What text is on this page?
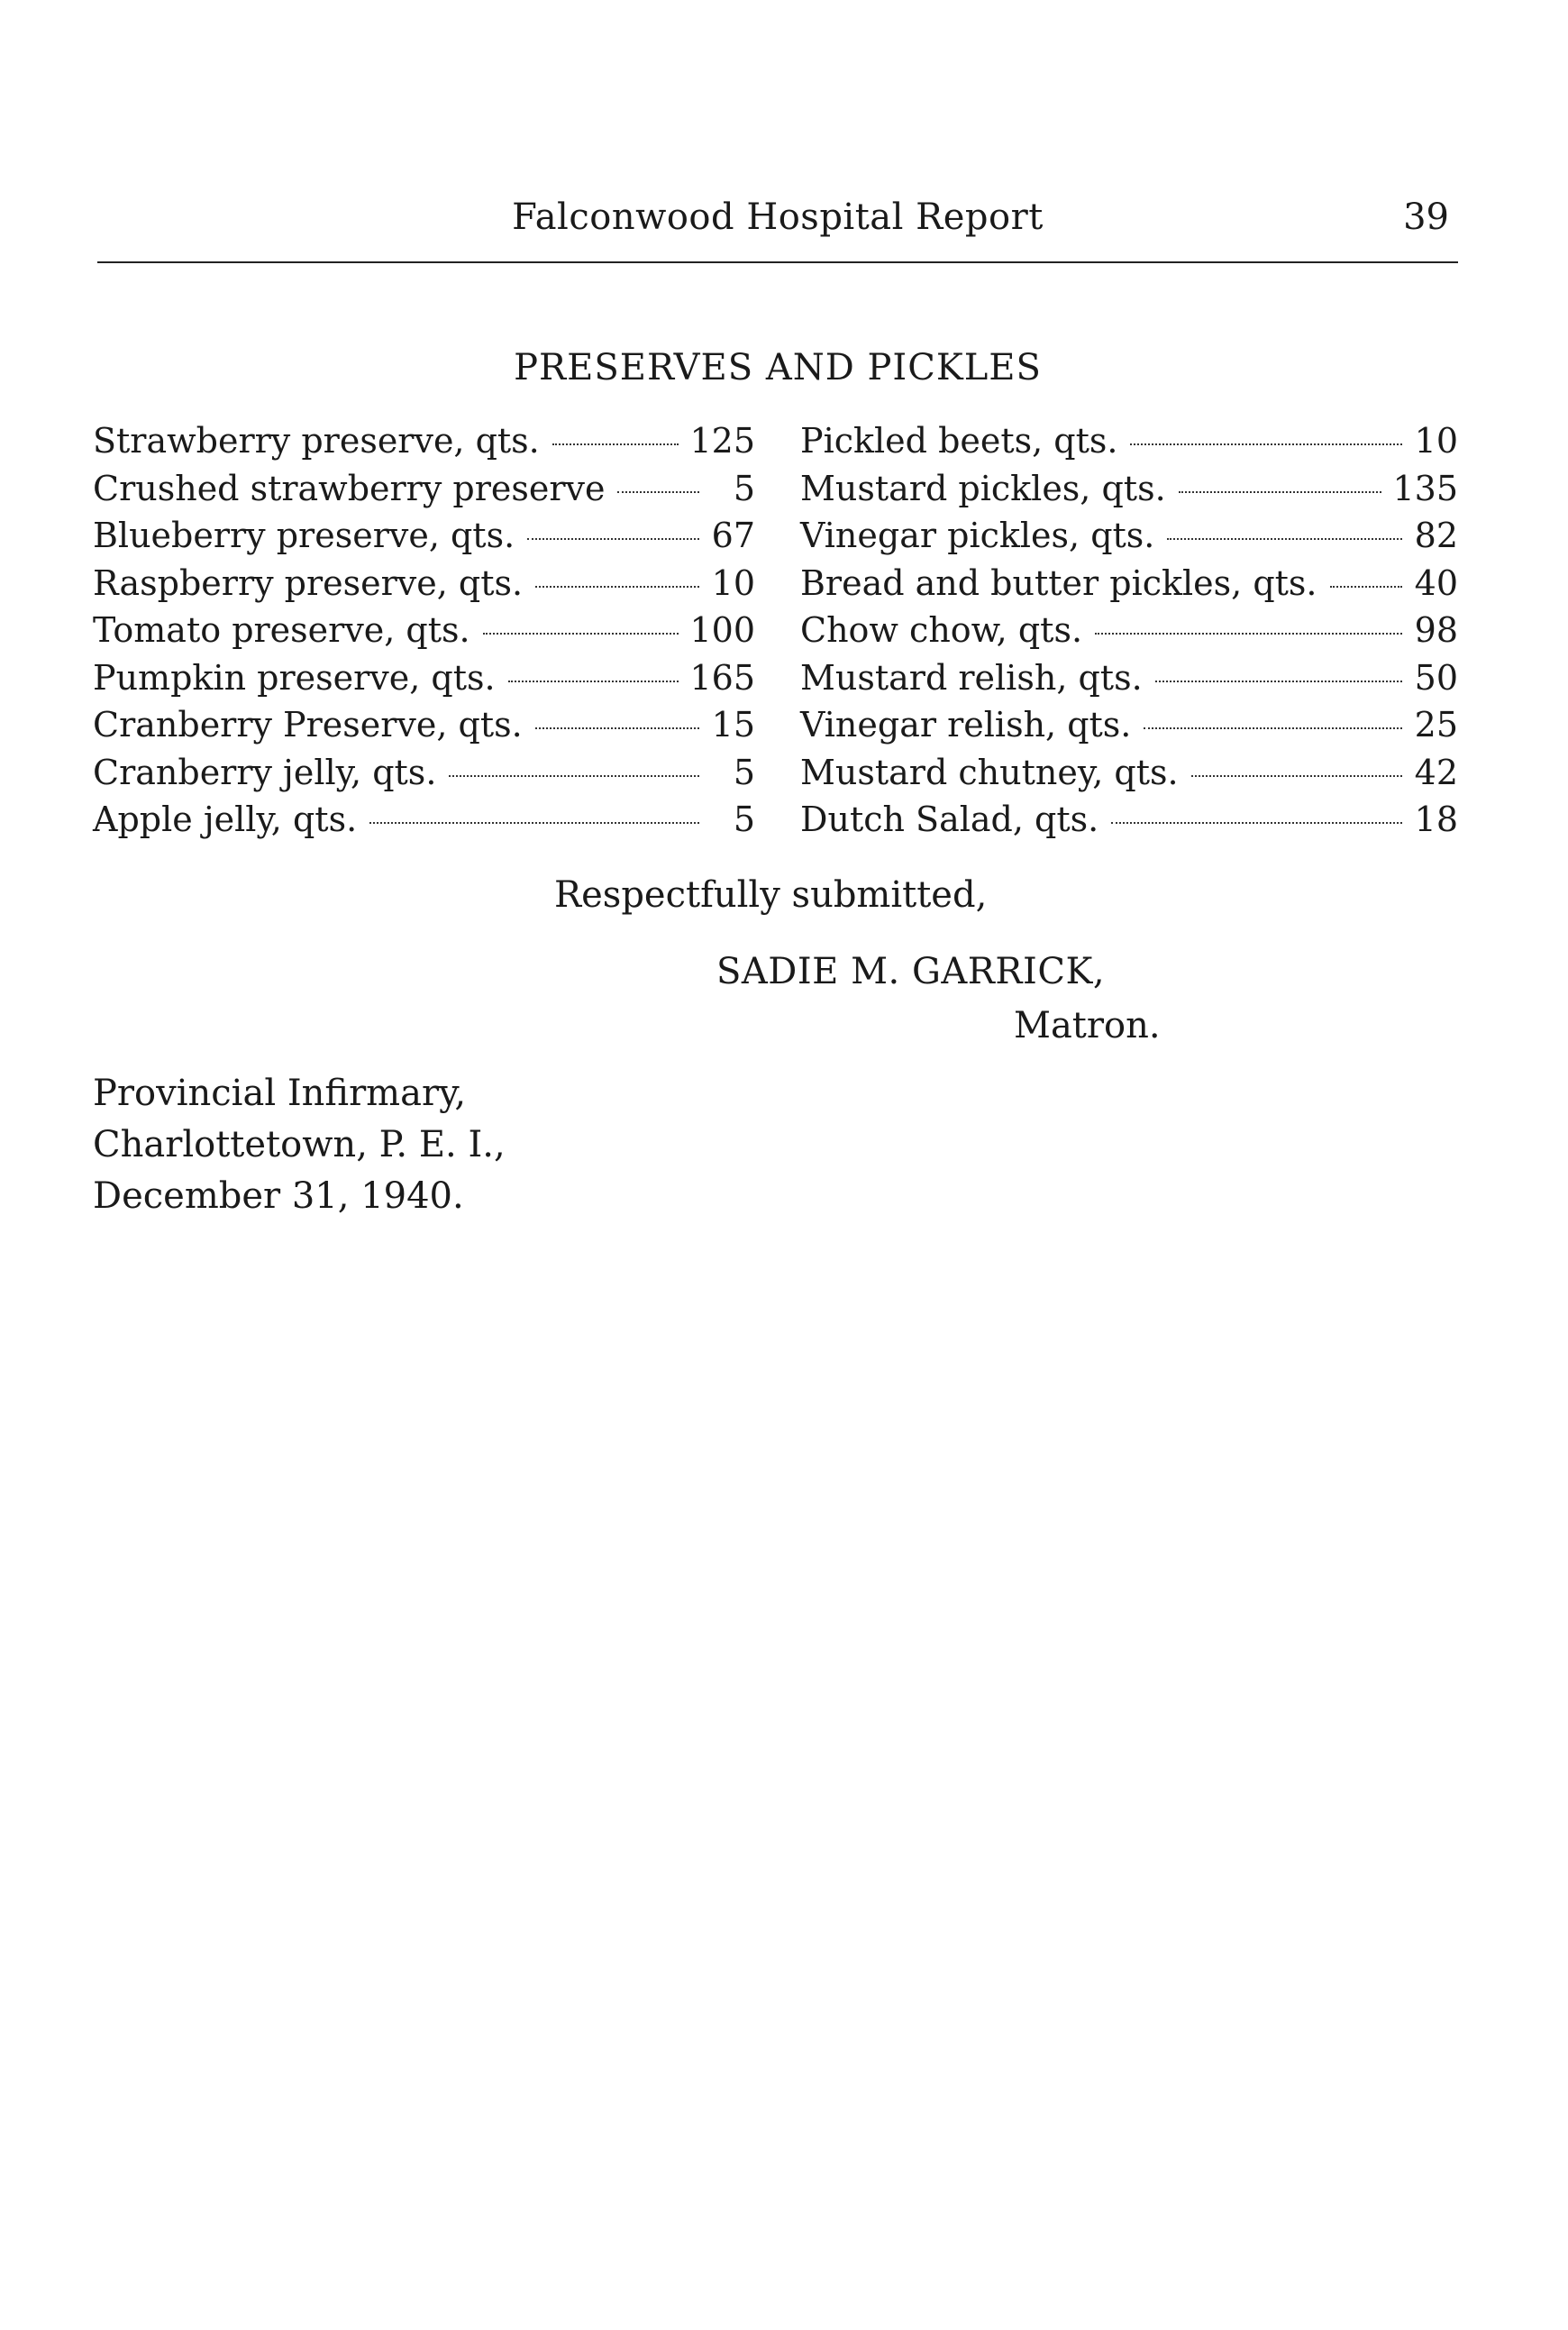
Falconwood Hospital Report	39
PRESERVES AND PICKLES
Strawberry preserve, qts.	125
Crushed strawberry preserve	5
Blueberry preserve, qts.	67
Raspberry preserve, qts.	10
Tomato preserve, qts.	100
Pumpkin preserve, qts.	165
Cranberry Preserve, qts.	15
Cranberry jelly, qts.	5
Apple jelly, qts.	5
Pickled beets, qts.	10
Mustard pickles, qts.	135
Vinegar pickles, qts.	82
Bread and butter pickles, qts.	40
Chow chow, qts.	98
Mustard relish, qts.	50
Vinegar relish, qts.	25
Mustard chutney, qts.	42
Dutch Salad, qts.	18
Respectfully submitted,
SADIE M. GARRICK,
Matron.
Provincial Infirmary,
Charlottetown, P. E. I.,
December 31, 1940.
